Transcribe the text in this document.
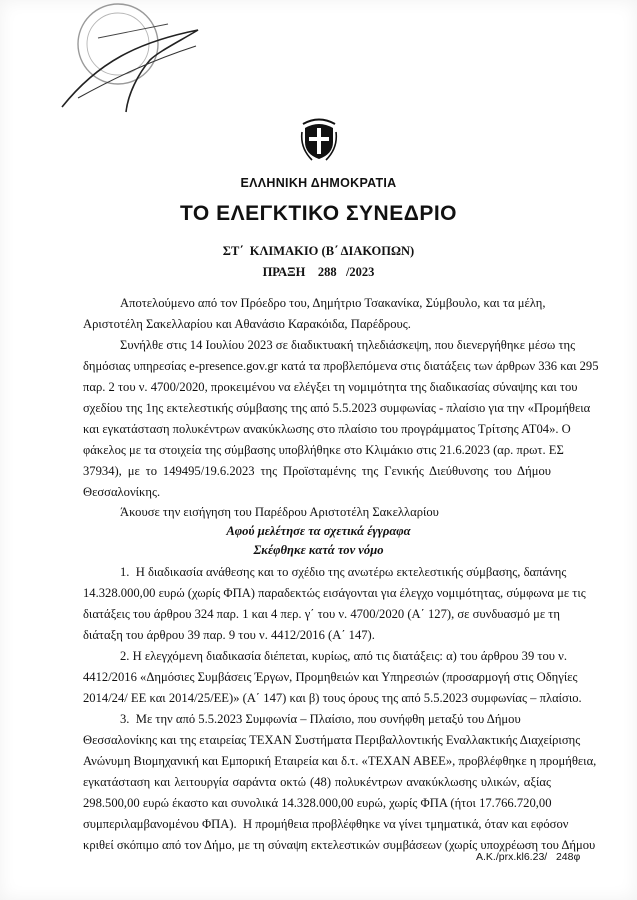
ΕΛΛΗΝΙΚΗ ΔΗΜΟΚΡΑΤΙΑ
ΤΟ ΕΛΕΓΚΤΙΚΟ ΣΥΝΕΔΡΙΟ
ΣΤ΄  ΚΛΙΜΑΚΙΟ (Β΄ ΔΙΑΚΟΠΩΝ)
ΠΡΑΞΗ    288   /2023
Αποτελούμενο από τον Πρόεδρο του, Δημήτριο Τσακανίκα, Σύμβουλο, και τα μέλη,
Αριστοτέλη Σακελλαρίου και Αθανάσιο Καρακόιδα, Παρέδρους.
Συνήλθε στις 14 Ιουλίου 2023 σε διαδικτυακή τηλεδιάσκεψη, που διενεργήθηκε μέσω της
δημόσιας υπηρεσίας e-presence.gov.gr κατά τα προβλεπόμενα στις διατάξεις των άρθρων 336 και 295
παρ. 2 του ν. 4700/2020, προκειμένου να ελέγξει τη νομιμότητα της διαδικασίας σύναψης και του
σχεδίου της 1ης εκτελεστικής σύμβασης της από 5.5.2023 συμφωνίας - πλαίσιο για την «Προμήθεια
και εγκατάσταση πολυκέντρων ανακύκλωσης στο πλαίσιο του προγράμματος Τρίτσης ΑΤ04». Ο
φάκελος με τα στοιχεία της σύμβασης υποβλήθηκε στο Κλιμάκιο στις 21.6.2023 (αρ. πρωτ. ΕΣ
37934), με το 149495/19.6.2023 της Προϊσταμένης της Γενικής Διεύθυνσης του Δήμου
Θεσσαλονίκης.
Άκουσε την εισήγηση του Παρέδρου Αριστοτέλη Σακελλαρίου
Αφού μελέτησε τα σχετικά έγγραφα
Σκέφθηκε κατά τον νόμο
1.  Η διαδικασία ανάθεσης και το σχέδιο της ανωτέρω εκτελεστικής σύμβασης, δαπάνης
14.328.000,00 ευρώ (χωρίς ΦΠΑ) παραδεκτώς εισάγονται για έλεγχο νομιμότητας, σύμφωνα με τις
διατάξεις του άρθρου 324 παρ. 1 και 4 περ. γ΄ του ν. 4700/2020 (Α΄ 127), σε συνδυασμό με τη
διάταξη του άρθρου 39 παρ. 9 του ν. 4412/2016 (Α΄ 147).
2. Η ελεγχόμενη διαδικασία διέπεται, κυρίως, από τις διατάξεις: α) του άρθρου 39 του ν.
4412/2016 «Δημόσιες Συμβάσεις Έργων, Προμηθειών και Υπηρεσιών (προσαρμογή στις Οδηγίες
2014/24/ ΕΕ και 2014/25/ΕΕ)» (Α΄ 147) και β) τους όρους της από 5.5.2023 συμφωνίας – πλαίσιο.
3.  Με την από 5.5.2023 Συμφωνία – Πλαίσιο, που συνήφθη μεταξύ του Δήμου
Θεσσαλονίκης και της εταιρείας ΤΕΧΑΝ Συστήματα Περιβαλλοντικής Εναλλακτικής Διαχείρισης
Ανώνυμη Βιομηχανική και Εμπορική Εταιρεία και δ.τ. «ΤΕΧΑΝ ΑΒΕΕ», προβλέφθηκε η προμήθεια,
εγκατάσταση και λειτουργία σαράντα οκτώ (48) πολυκέντρων ανακύκλωσης υλικών, αξίας
298.500,00 ευρώ έκαστο και συνολικά 14.328.000,00 ευρώ, χωρίς ΦΠΑ (ήτοι 17.766.720,00
συμπεριλαμβανομένου ΦΠΑ).  Η προμήθεια προβλέφθηκε να γίνει τμηματικά, όταν και εφόσον
κριθεί σκόπιμο από τον Δήμο, με τη σύναψη εκτελεστικών συμβάσεων (χωρίς υποχρέωση του Δήμου
Α.Κ./prx.kl6.23/   248φ
